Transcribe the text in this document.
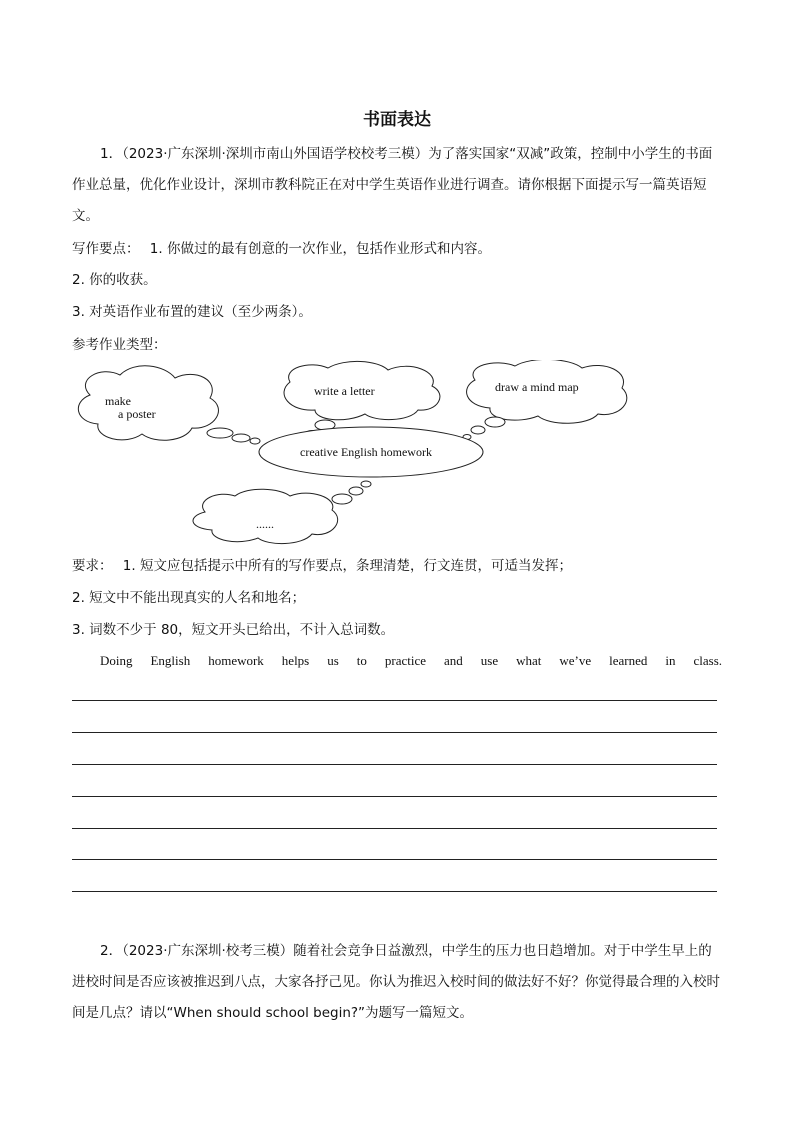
书面表达

1．（2023·广东深圳·深圳市南山外国语学校校考三模）为了落实国家“双减”政策，控制中小学生的书面作业总量，优化作业设计，深圳市教科院正在对中学生英语作业进行调查。请你根据下面提示写一篇英语短文。

写作要点： 1. 你做过的最有创意的一次作业，包括作业形式和内容。
2. 你的收获。
3. 对英语作业布置的建议（至少两条）。
参考作业类型：
make
a poster
write a letter	draw a mind map
......
creative English homework
要求： 1. 短文应包括提示中所有的写作要点，条理清楚，行文连贯，可适当发挥；
2. 短文中不能出现真实的人名和地名；
3. 词数不少于 80，短文开头已给出，不计入总词数。
Doing English homework helps us to practice and use what we’ve learned in class.

2．（2023·广东深圳·校考三模）随着社会竞争日益激烈，中学生的压力也日趋增加。对于中学生早上的进校时间是否应该被推迟到八点，大家各抒己见。你认为推迟入校时间的做法好不好？你觉得最合理的入校时间是几点？请以“When should school begin?”为题写一篇短文。
